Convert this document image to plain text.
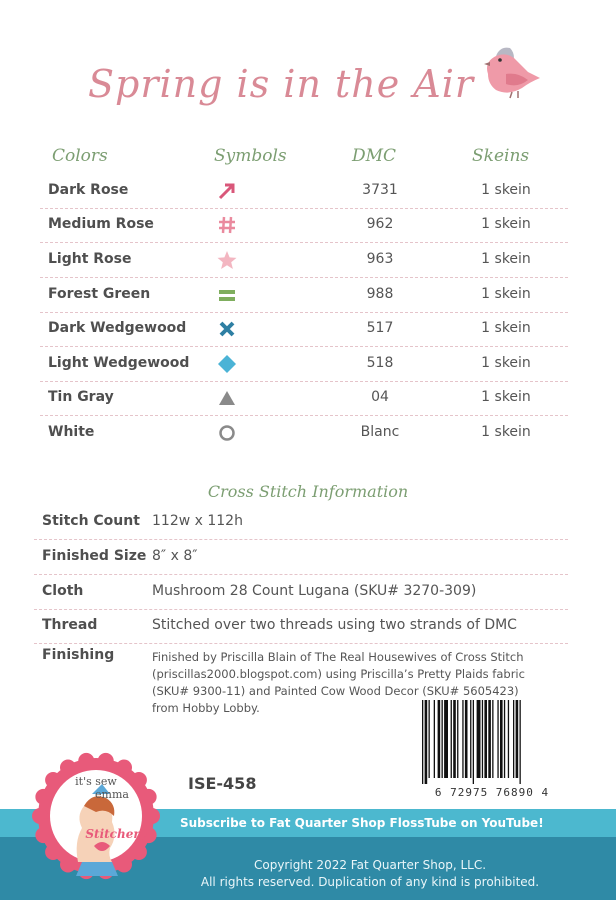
Spring is in the Air
Colors	Symbols	DMC	Skeins
Dark Rose	3731	1 skein
Medium Rose	962	1 skein
Light Rose	963	1 skein
Forest Green	988	1 skein
Dark Wedgewood	517	1 skein
Light Wedgewood	518	1 skein
Tin Gray	04	1 skein
White	Blanc	1 skein
Cross Stitch Information
Stitch Count 112w x 112h
Finished Size 8″ x 8″
Cloth	Mushroom 28 Count Lugana (SKU# 3270-309)
Thread	Stitched over two threads using two strands of DMC
Finishing	Finished by Priscilla Blain of The Real Housewives of Cross Stitch (priscillas2000.blogspot.com) using Priscilla’s Pretty Plaids fabric (SKU# 9300-11) and Painted Cow Wood Decor (SKU# 5605423) from Hobby Lobby.
6 72975 76890 4
ISE-458
Subscribe to Fat Quarter Shop FlossTube on YouTube!
Copyright 2022 Fat Quarter Shop, LLC.
All rights reserved. Duplication of any kind is prohibited.
it's sew
emma
Stitchery
